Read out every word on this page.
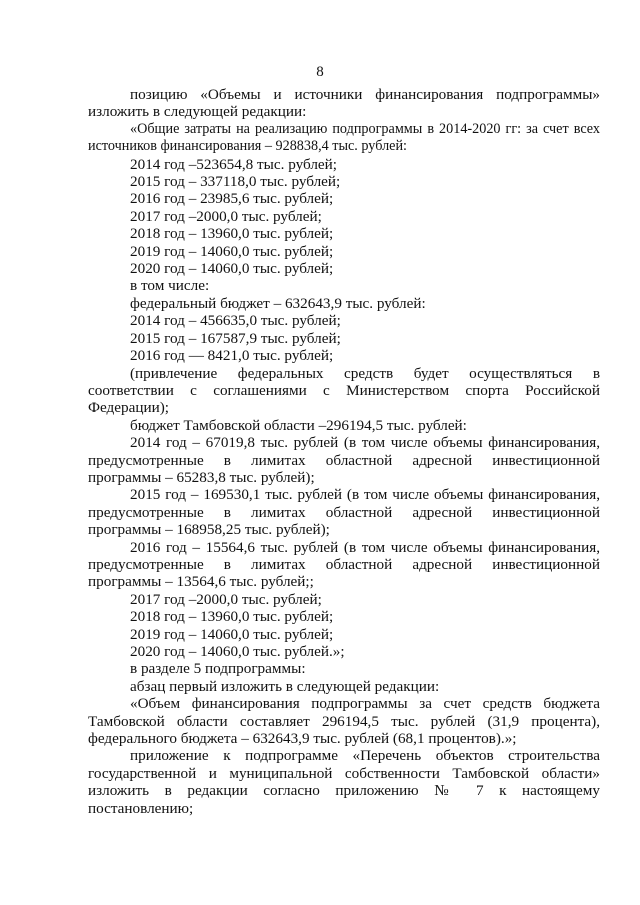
8

позицию «Объемы и источники финансирования подпрограммы»

изложить в следующей редакции:

«Общие затраты на реализацию подпрограммы в 2014-2020 гг: за счет всех

источников финансирования – 928838,4 тыс. рублей:

2014 год –523654,8 тыс. рублей;

2015 год – 337118,0 тыс. рублей;

2016 год – 23985,6 тыс. рублей;

2017 год –2000,0 тыс. рублей;

2018 год – 13960,0 тыс. рублей;

2019 год – 14060,0 тыс. рублей;

2020 год – 14060,0 тыс. рублей;

в том числе:

федеральный бюджет – 632643,9 тыс. рублей:

2014 год – 456635,0 тыс. рублей;

2015 год – 167587,9 тыс. рублей;

2016 год — 8421,0 тыс. рублей;

(привлечение федеральных средств будет осуществляться в

соответствии с соглашениями с Министерством спорта Российской

Федерации);

бюджет Тамбовской области –296194,5 тыс. рублей:

2014 год – 67019,8 тыс. рублей (в том числе объемы финансирования,

предусмотренные в лимитах областной адресной инвестиционной

программы – 65283,8 тыс. рублей);

2015 год – 169530,1 тыс. рублей (в том числе объемы финансирования,

предусмотренные в лимитах областной адресной инвестиционной

программы – 168958,25 тыс. рублей);

2016 год – 15564,6 тыс. рублей (в том числе объемы финансирования,

предусмотренные в лимитах областной адресной инвестиционной

программы – 13564,6 тыс. рублей;;

2017 год –2000,0 тыс. рублей;

2018 год – 13960,0 тыс. рублей;

2019 год – 14060,0 тыс. рублей;

2020 год – 14060,0 тыс. рублей.»;

в разделе 5 подпрограммы:

абзац первый изложить в следующей редакции:

«Объем финансирования подпрограммы за счет средств бюджета

Тамбовской области составляет 296194,5 тыс. рублей (31,9 процента),

федерального бюджета – 632643,9 тыс. рублей (68,1 процентов).»;

приложение к подпрограмме «Перечень объектов строительства

государственной и муниципальной собственности Тамбовской области»

изложить в редакции согласно приложению № 7 к настоящему

постановлению;
